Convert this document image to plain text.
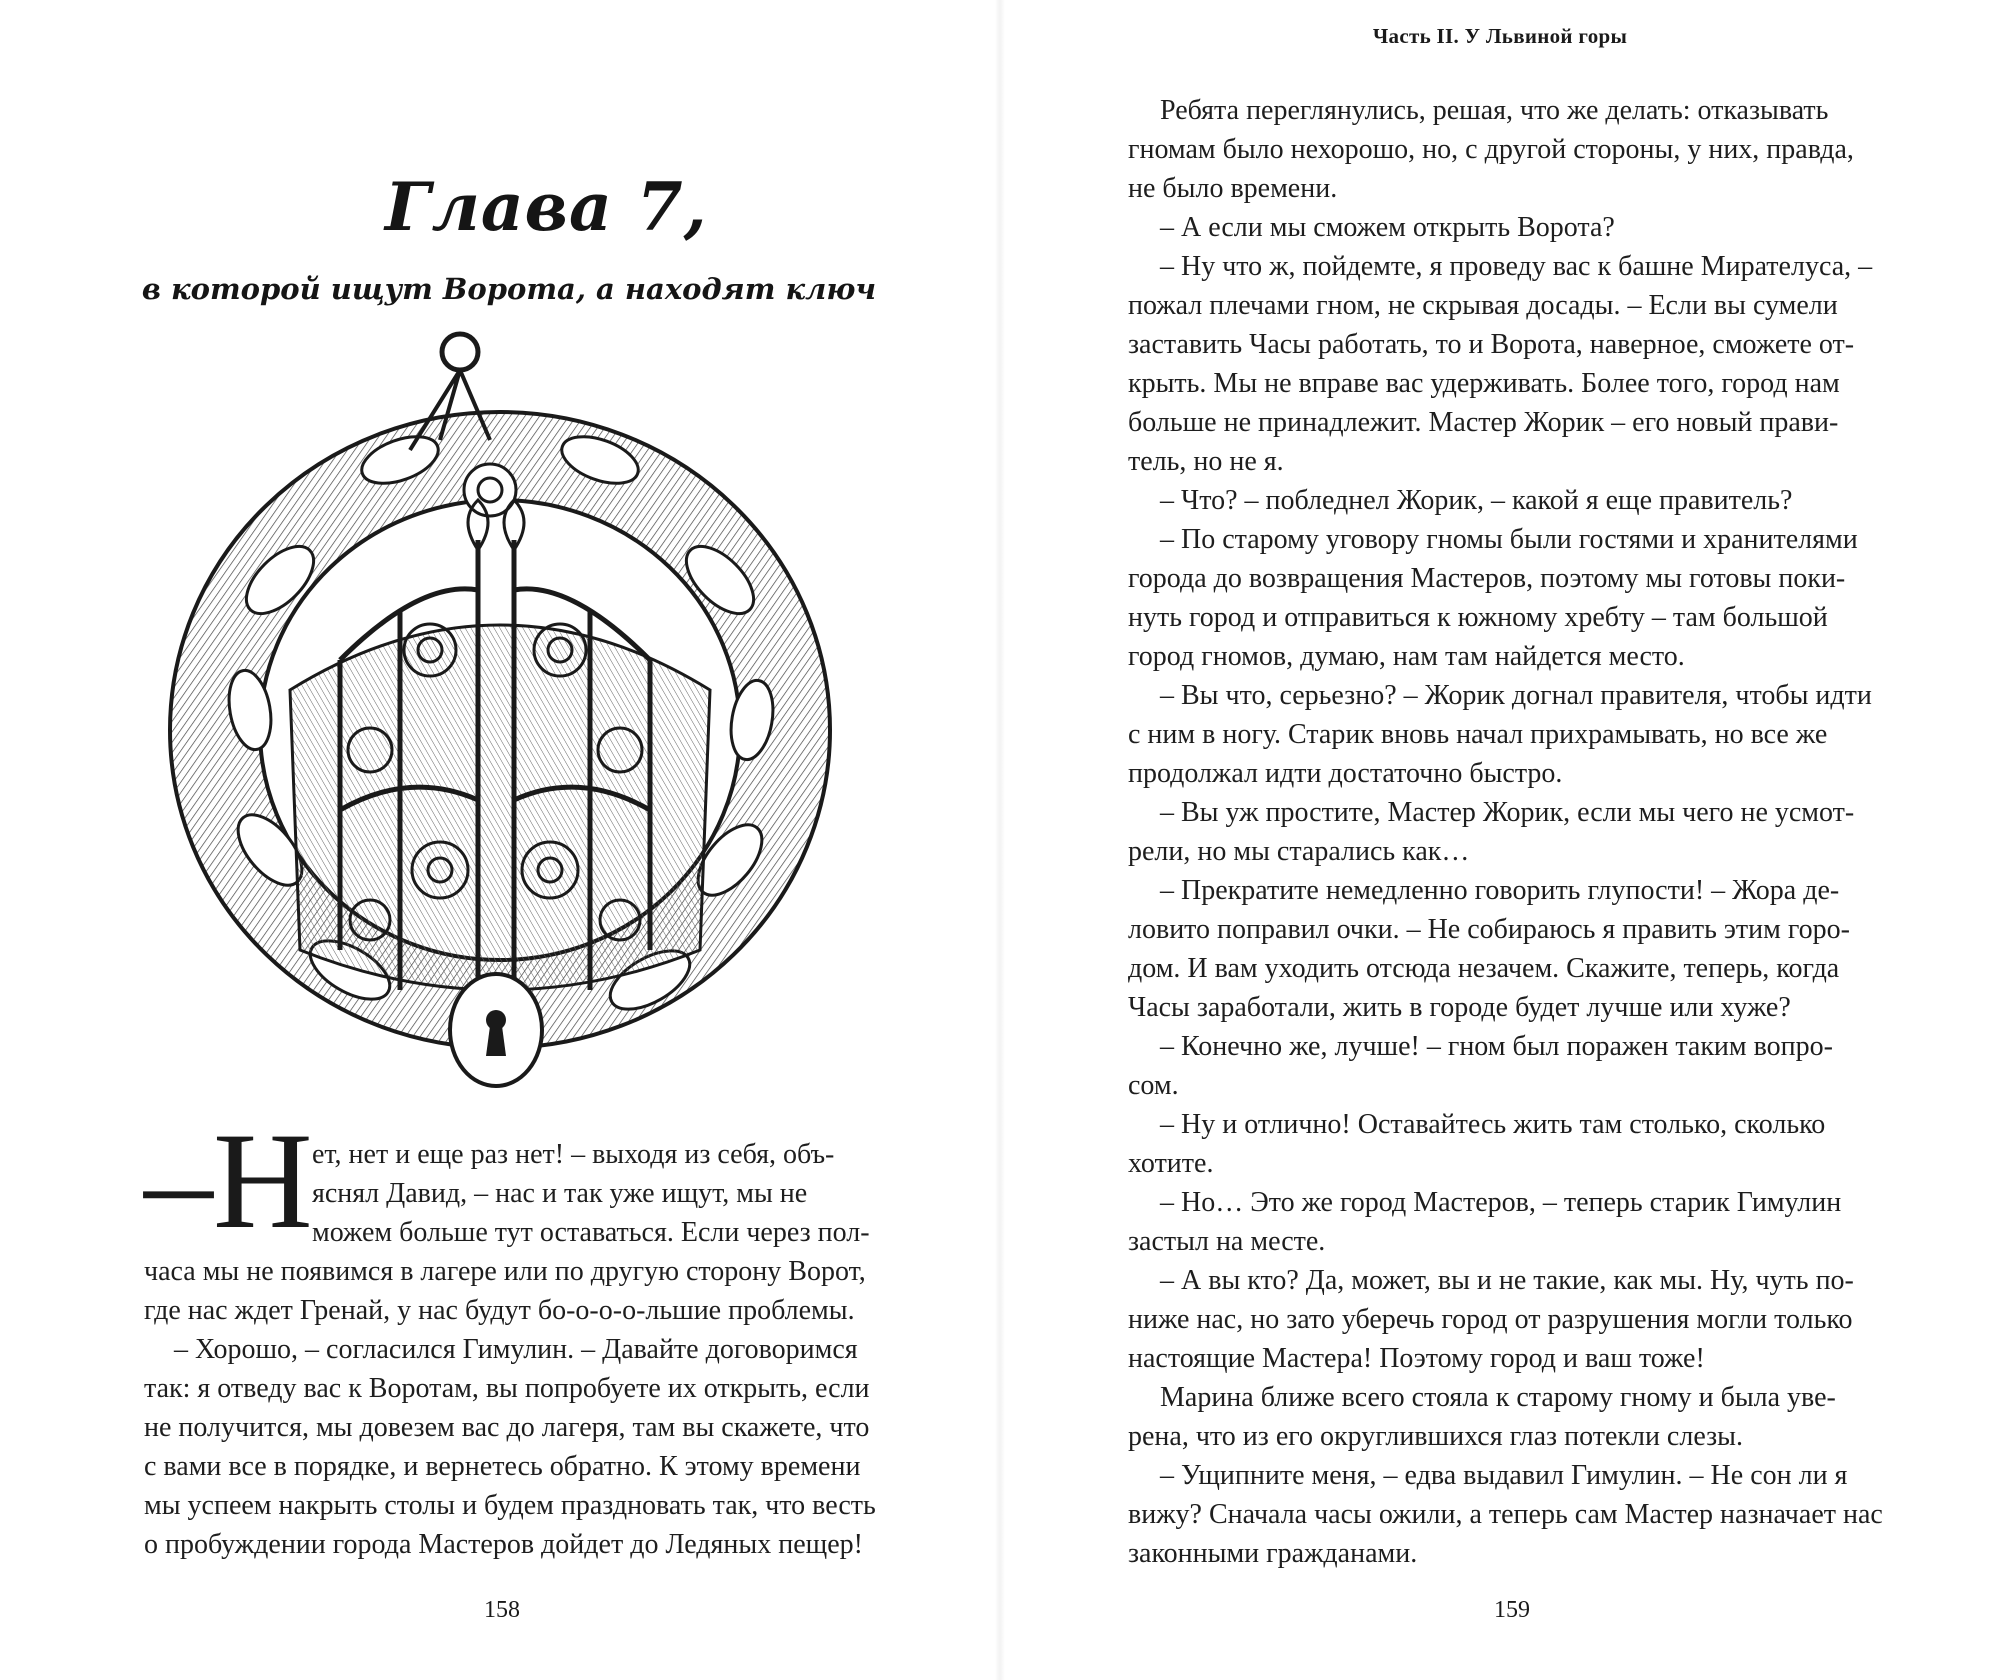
Глава 7,
в которой ищут Ворота, а находят ключ
–Н ет, нет и еще раз нет! – выходя из себя, объ-
яснял Давид, – нас и так уже ищут, мы не
можем больше тут оставаться. Если через пол-
часа мы не появимся в лагере или по другую сторону Ворот,
где нас ждет Гренай, у нас будут бо-о-о-о-льшие проблемы.
– Хорошо, – согласился Гимулин. – Давайте договоримся
так: я отведу вас к Воротам, вы попробуете их открыть, если
не получится, мы довезем вас до лагеря, там вы скажете, что
с вами все в порядке, и вернетесь обратно. К этому времени
мы успеем накрыть столы и будем праздновать так, что весть
о пробуждении города Мастеров дойдет до Ледяных пещер!
158
Часть II. У Львиной горы
Ребята переглянулись, решая, что же делать: отказывать
гномам было нехорошо, но, с другой стороны, у них, правда,
не было времени.
– А если мы сможем открыть Ворота?
– Ну что ж, пойдемте, я проведу вас к башне Мирателуса, –
пожал плечами гном, не скрывая досады. – Если вы сумели
заставить Часы работать, то и Ворота, наверное, сможете от-
крыть. Мы не вправе вас удерживать. Более того, город нам
больше не принадлежит. Мастер Жорик – его новый прави-
тель, но не я.
– Что? – побледнел Жорик, – какой я еще правитель?
– По старому уговору гномы были гостями и хранителями
города до возвращения Мастеров, поэтому мы готовы поки-
нуть город и отправиться к южному хребту – там большой
город гномов, думаю, нам там найдется место.
– Вы что, серьезно? – Жорик догнал правителя, чтобы идти
с ним в ногу. Старик вновь начал прихрамывать, но все же
продолжал идти достаточно быстро.
– Вы уж простите, Мастер Жорик, если мы чего не усмот-
рели, но мы старались как…
– Прекратите немедленно говорить глупости! – Жора де-
ловито поправил очки. – Не собираюсь я править этим горо-
дом. И вам уходить отсюда незачем. Скажите, теперь, когда
Часы заработали, жить в городе будет лучше или хуже?
– Конечно же, лучше! – гном был поражен таким вопро-
сом.
– Ну и отлично! Оставайтесь жить там столько, сколько
хотите.
– Но… Это же город Мастеров, – теперь старик Гимулин
застыл на месте.
– А вы кто? Да, может, вы и не такие, как мы. Ну, чуть по-
ниже нас, но зато уберечь город от разрушения могли только
настоящие Мастера! Поэтому город и ваш тоже!
Марина ближе всего стояла к старому гному и была уве-
рена, что из его округлившихся глаз потекли слезы.
– Ущипните меня, – едва выдавил Гимулин. – Не сон ли я
вижу? Сначала часы ожили, а теперь сам Мастер назначает нас
законными гражданами.
159
